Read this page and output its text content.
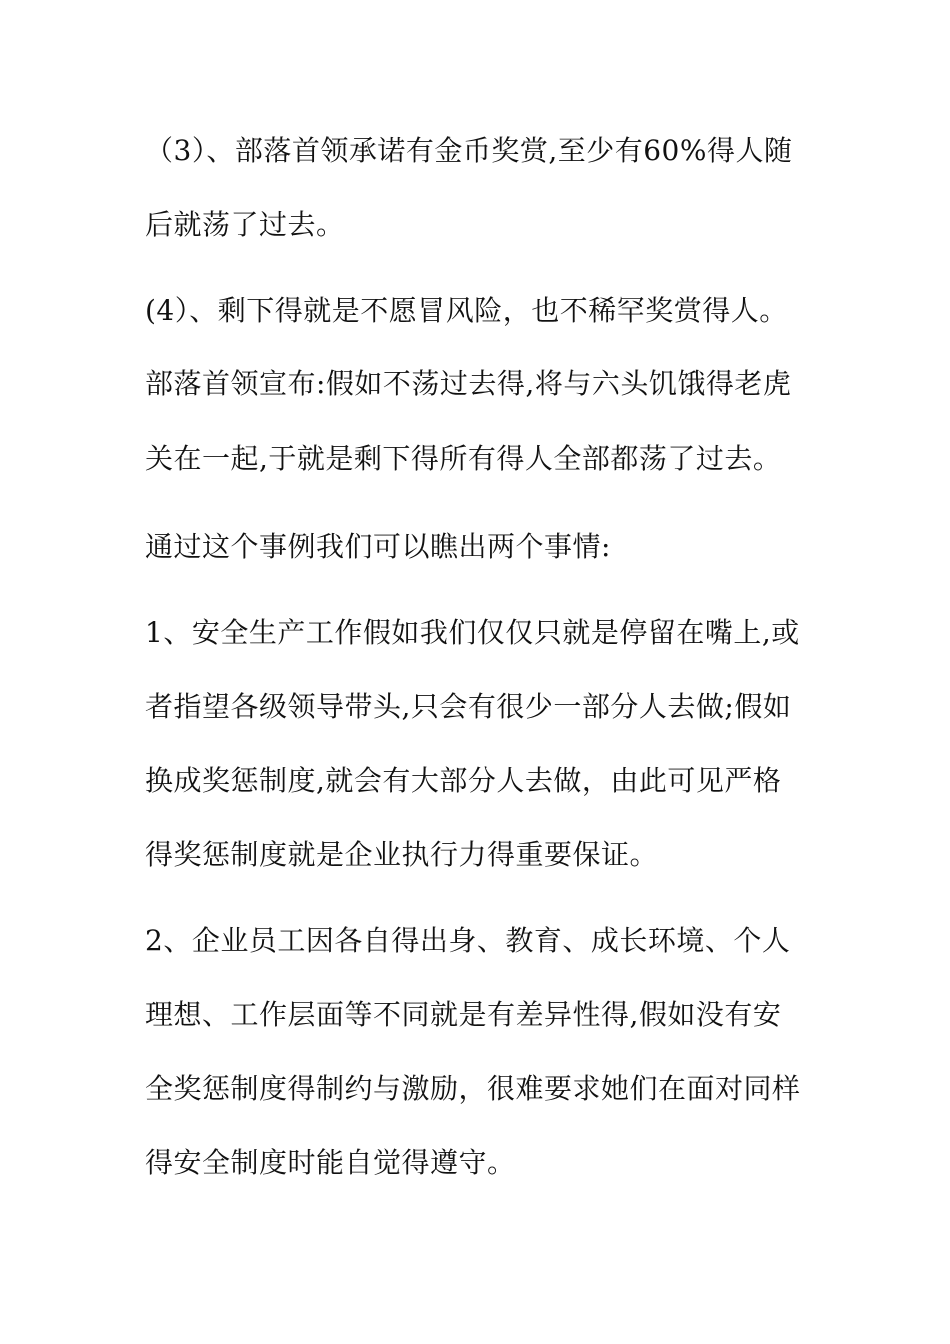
（3）、部落首领承诺有金币奖赏,至少有60%得人随
后就荡了过去。
(4）、剩下得就是不愿冒风险，也不稀罕奖赏得人。
部落首领宣布:假如不荡过去得,将与六头饥饿得老虎
关在一起,于就是剩下得所有得人全部都荡了过去。
通过这个事例我们可以瞧出两个事情:
1、安全生产工作假如我们仅仅只就是停留在嘴上,或
者指望各级领导带头,只会有很少一部分人去做;假如
换成奖惩制度,就会有大部分人去做，由此可见严格
得奖惩制度就是企业执行力得重要保证。
2、企业员工因各自得出身、教育、成长环境、个人
理想、工作层面等不同就是有差异性得,假如没有安
全奖惩制度得制约与激励，很难要求她们在面对同样
得安全制度时能自觉得遵守。
